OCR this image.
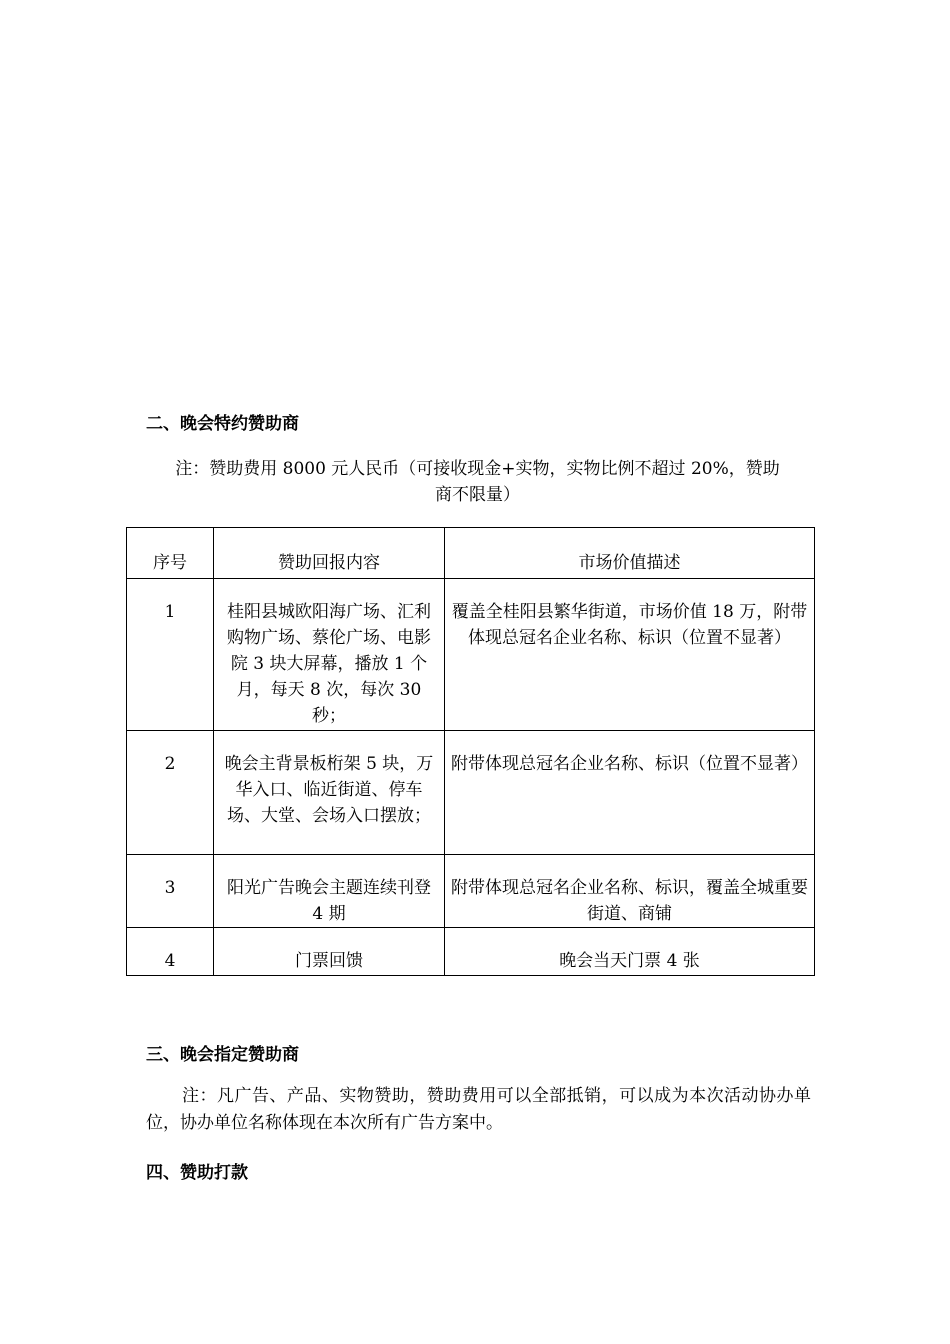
二、晚会特约赞助商
注：赞助费用 8000 元人民币（可接收现金+实物，实物比例不超过 20%，赞助
商不限量）
序号	赞助回报内容	市场价值描述
1	桂阳县城欧阳海广场、汇利购物广场、蔡伦广场、电影院 3 块大屏幕，播放 1 个月，每天 8 次，每次 30 秒；	覆盖全桂阳县繁华街道，市场价值 18 万，附带体现总冠名企业名称、标识（位置不显著）
2	晚会主背景板桁架 5 块，万华入口、临近街道、停车场、大堂、会场入口摆放；	附带体现总冠名企业名称、标识（位置不显著）
3	阳光广告晚会主题连续刊登 4 期	附带体现总冠名企业名称、标识，覆盖全城重要街道、商铺
4	门票回馈	晚会当天门票 4 张
三、晚会指定赞助商
注：凡广告、产品、实物赞助，赞助费用可以全部抵销，可以成为本次活动协办单位，协办单位名称体现在本次所有广告方案中。
四、赞助打款
